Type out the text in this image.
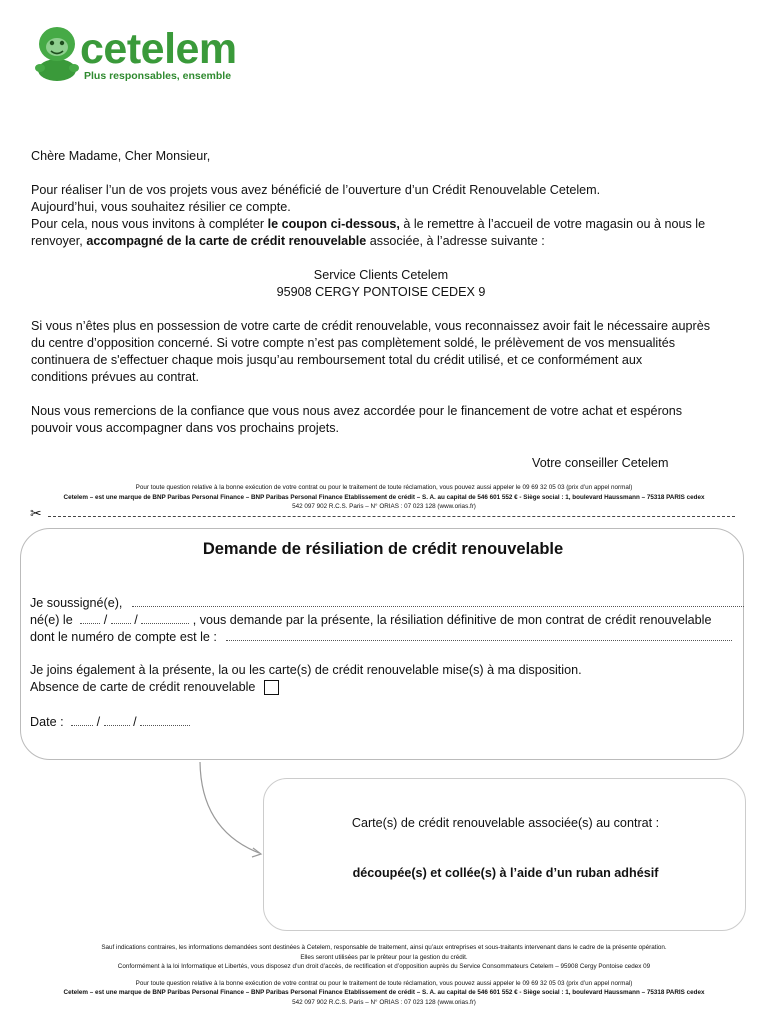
cetelem
Plus responsables, ensemble

Chère Madame, Cher Monsieur,

Pour réaliser l’un de vos projets vous avez bénéficié de l’ouverture d’un Crédit Renouvelable Cetelem.

Aujourd’hui, vous souhaitez résilier ce compte.

Pour cela, nous vous invitons à compléter le coupon ci-dessous, à le remettre à l’accueil de votre magasin ou à nous le

renvoyer, accompagné de la carte de crédit renouvelable associée, à l’adresse suivante :

Service Clients Cetelem

95908 CERGY PONTOISE CEDEX 9

Si vous n’êtes plus en possession de votre carte de crédit renouvelable, vous reconnaissez avoir fait le nécessaire auprès

du centre d’opposition concerné. Si votre compte n’est pas complètement soldé, le prélèvement de vos mensualités

continuera de s'effectuer chaque mois jusqu’au remboursement total du crédit utilisé, et ce conformément aux

conditions prévues au contrat.

Nous vous remercions de la confiance que vous nous avez accordée pour le financement de votre achat et espérons

pouvoir vous accompagner dans vos prochains projets.

Votre conseiller Cetelem
Pour toute question relative à la bonne exécution de votre contrat ou pour le traitement de toute réclamation, vous pouvez aussi appeler le 09 69 32 05 03 (prix d’un appel normal)
Cetelem – est une marque de BNP Paribas Personal Finance – BNP Paribas Personal Finance Etablissement de crédit – S. A. au capital de 546 601 552 € - Siège social : 1, boulevard Haussmann – 75318 PARIS cedex
542 097 902 R.C.S. Paris – N° ORIAS : 07 023 128 (www.orias.fr)
✂
Demande de résiliation de crédit renouvelable
Je soussigné(e),
né(e) le / /	, vous demande par la présente, la résiliation définitive de mon contrat de crédit renouvelable
dont le numéro de compte est le :
Je joins également à la présente, la ou les carte(s) de crédit renouvelable mise(s) à ma disposition.
Absence de carte de crédit renouvelable
Date :	/	/
Carte(s) de crédit renouvelable associée(s) au contrat :
découpée(s) et collée(s) à l’aide d’un ruban adhésif
Sauf indications contraires, les informations demandées sont destinées à Cetelem, responsable de traitement, ainsi qu’aux entreprises et sous-traitants intervenant dans le cadre de la présente opération.
Elles seront utilisées par le prêteur pour la gestion du crédit.
Conformément à la loi Informatique et Libertés, vous disposez d’un droit d’accès, de rectification et d’opposition auprès du Service Consommateurs Cetelem – 95908 Cergy Pontoise cedex 09
Pour toute question relative à la bonne exécution de votre contrat ou pour le traitement de toute réclamation, vous pouvez aussi appeler le 09 69 32 05 03 (prix d’un appel normal)
Cetelem – est une marque de BNP Paribas Personal Finance – BNP Paribas Personal Finance Etablissement de crédit – S. A. au capital de 546 601 552 € - Siège social : 1, boulevard Haussmann – 75318 PARIS cedex
542 097 902 R.C.S. Paris – N° ORIAS : 07 023 128 (www.orias.fr)
